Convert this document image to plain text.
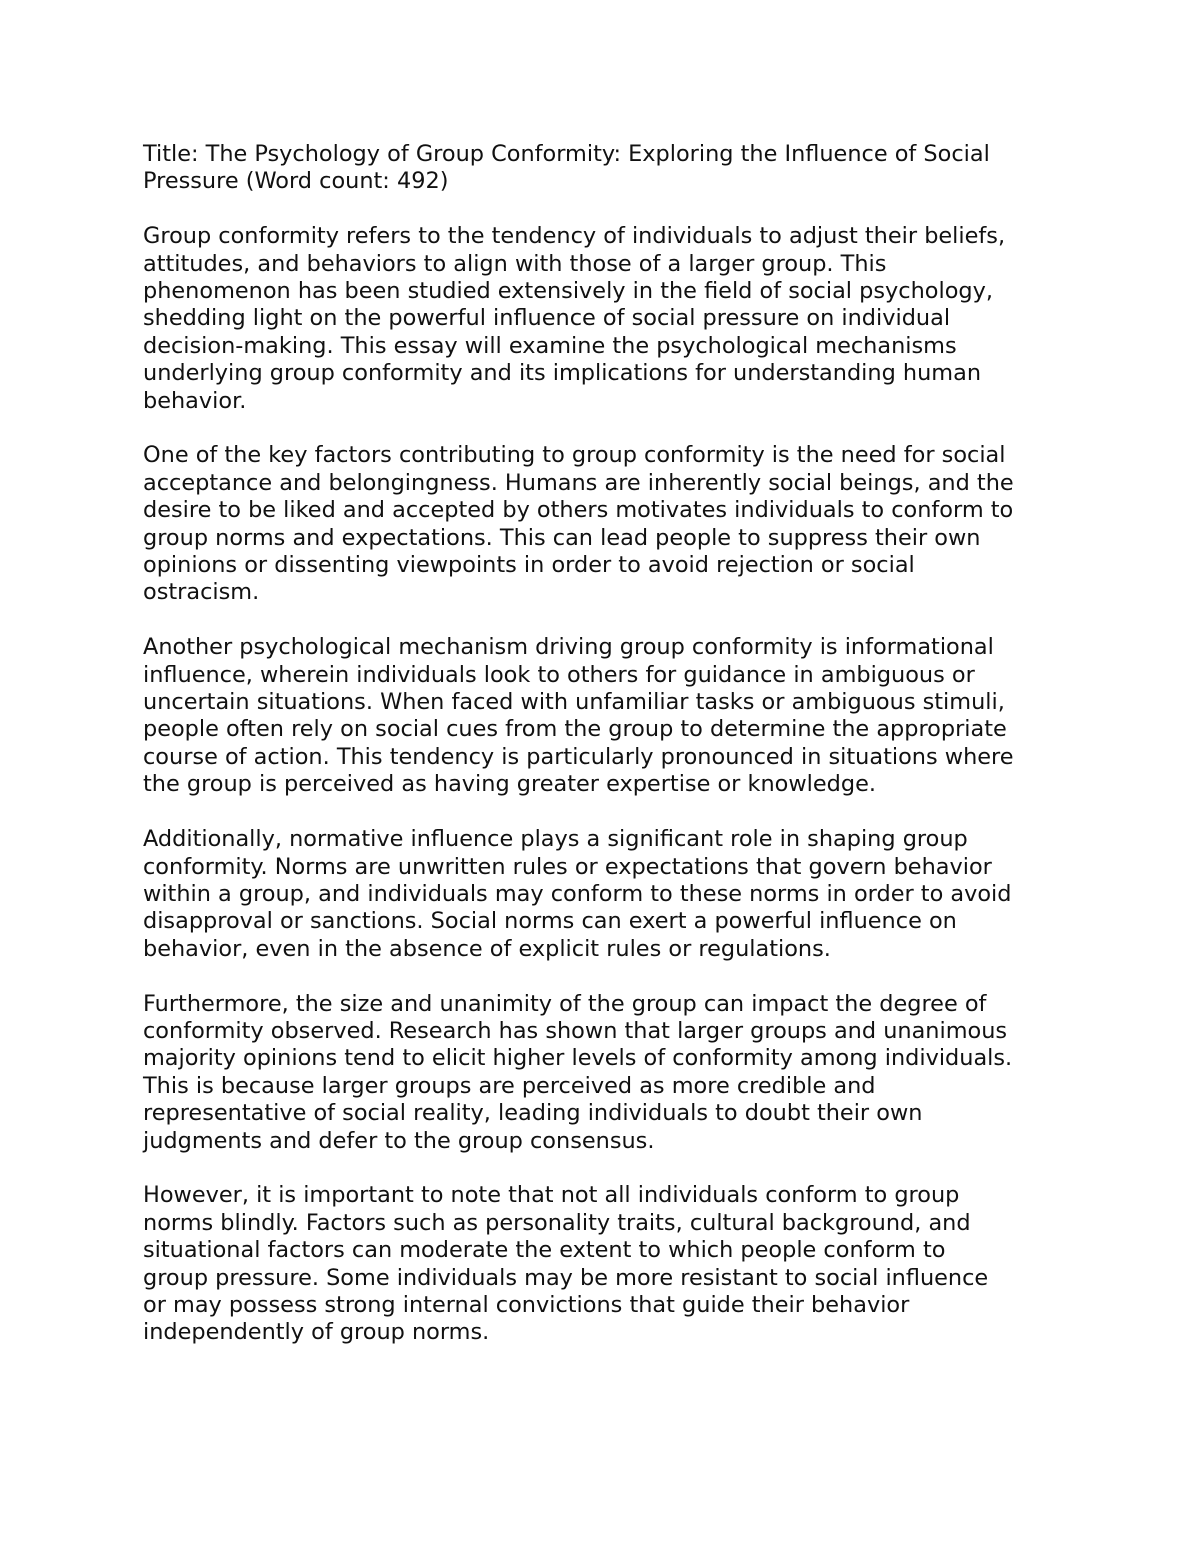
Title: The Psychology of Group Conformity: Exploring the Influence of Social
Pressure (Word count: 492)

Group conformity refers to the tendency of individuals to adjust their beliefs,
attitudes, and behaviors to align with those of a larger group. This
phenomenon has been studied extensively in the field of social psychology,
shedding light on the powerful influence of social pressure on individual
decision-making. This essay will examine the psychological mechanisms
underlying group conformity and its implications for understanding human
behavior.

One of the key factors contributing to group conformity is the need for social
acceptance and belongingness. Humans are inherently social beings, and the
desire to be liked and accepted by others motivates individuals to conform to
group norms and expectations. This can lead people to suppress their own
opinions or dissenting viewpoints in order to avoid rejection or social
ostracism.

Another psychological mechanism driving group conformity is informational
influence, wherein individuals look to others for guidance in ambiguous or
uncertain situations. When faced with unfamiliar tasks or ambiguous stimuli,
people often rely on social cues from the group to determine the appropriate
course of action. This tendency is particularly pronounced in situations where
the group is perceived as having greater expertise or knowledge.

Additionally, normative influence plays a significant role in shaping group
conformity. Norms are unwritten rules or expectations that govern behavior
within a group, and individuals may conform to these norms in order to avoid
disapproval or sanctions. Social norms can exert a powerful influence on
behavior, even in the absence of explicit rules or regulations.

Furthermore, the size and unanimity of the group can impact the degree of
conformity observed. Research has shown that larger groups and unanimous
majority opinions tend to elicit higher levels of conformity among individuals.
This is because larger groups are perceived as more credible and
representative of social reality, leading individuals to doubt their own
judgments and defer to the group consensus.

However, it is important to note that not all individuals conform to group
norms blindly. Factors such as personality traits, cultural background, and
situational factors can moderate the extent to which people conform to
group pressure. Some individuals may be more resistant to social influence
or may possess strong internal convictions that guide their behavior
independently of group norms.
